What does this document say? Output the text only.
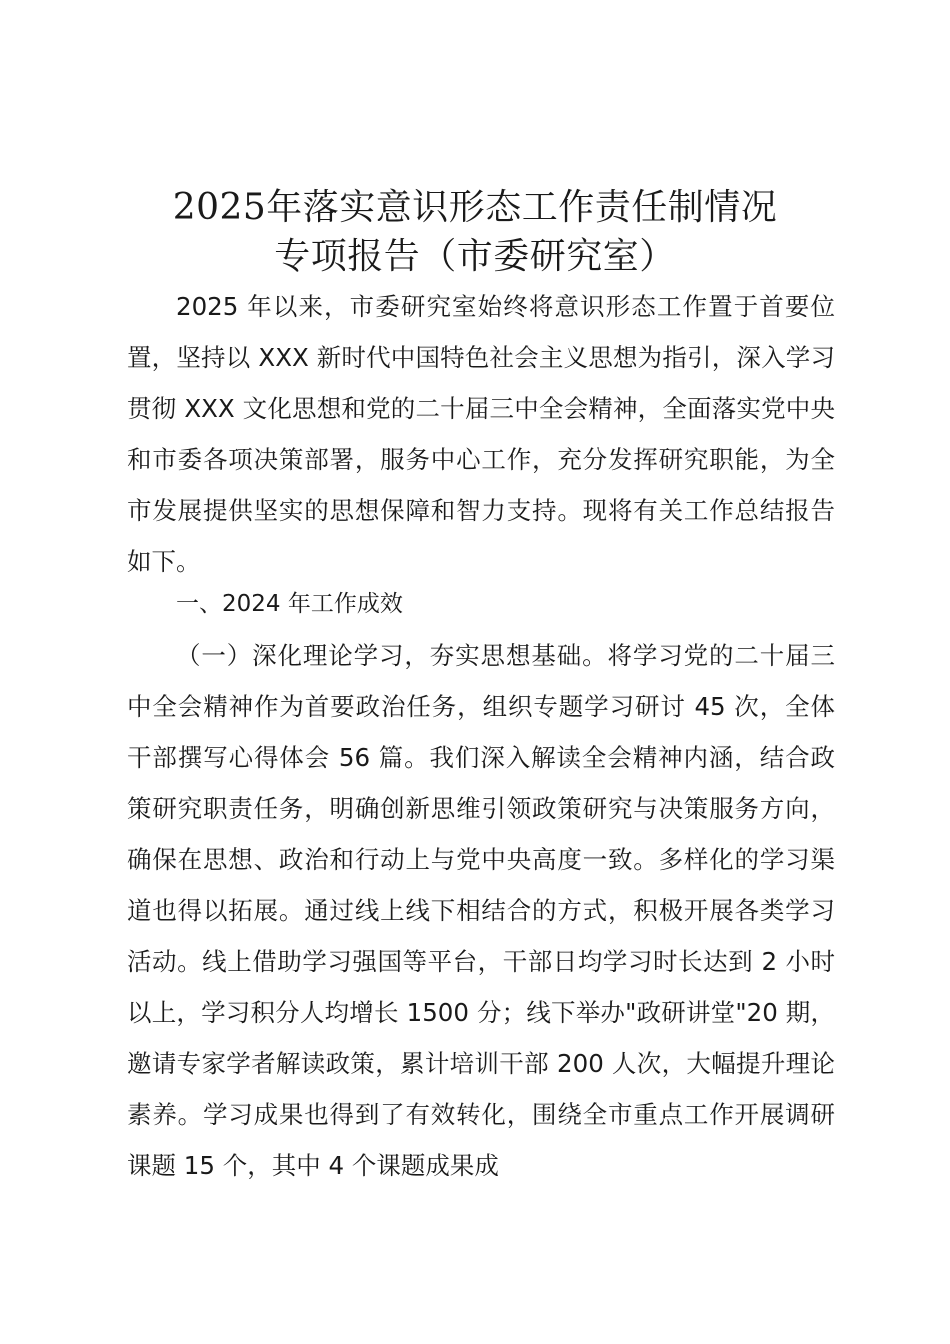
2025年落实意识形态工作责任制情况
专项报告（市委研究室）

2025 年以来，市委研究室始终将意识形态工作置于首要位置，坚持以 XXX 新时代中国特色社会主义思想为指引，深入学习贯彻 XXX 文化思想和党的二十届三中全会精神，全面落实党中央和市委各项决策部署，服务中心工作，充分发挥研究职能，为全市发展提供坚实的思想保障和智力支持。现将有关工作总结报告如下。

一、2024 年工作成效

（一）深化理论学习，夯实思想基础。将学习党的二十届三中全会精神作为首要政治任务，组织专题学习研讨 45 次，全体干部撰写心得体会 56 篇。我们深入解读全会精神内涵，结合政策研究职责任务，明确创新思维引领政策研究与决策服务方向，确保在思想、政治和行动上与党中央高度一致。多样化的学习渠道也得以拓展。通过线上线下相结合的方式，积极开展各类学习活动。线上借助学习强国等平台，干部日均学习时长达到 2 小时以上，学习积分人均增长 1500 分；线下举办"政研讲堂"20 期，邀请专家学者解读政策，累计培训干部 200 人次，大幅提升理论素养。学习成果也得到了有效转化，围绕全市重点工作开展调研课题 15 个，其中 4 个课题成果成
